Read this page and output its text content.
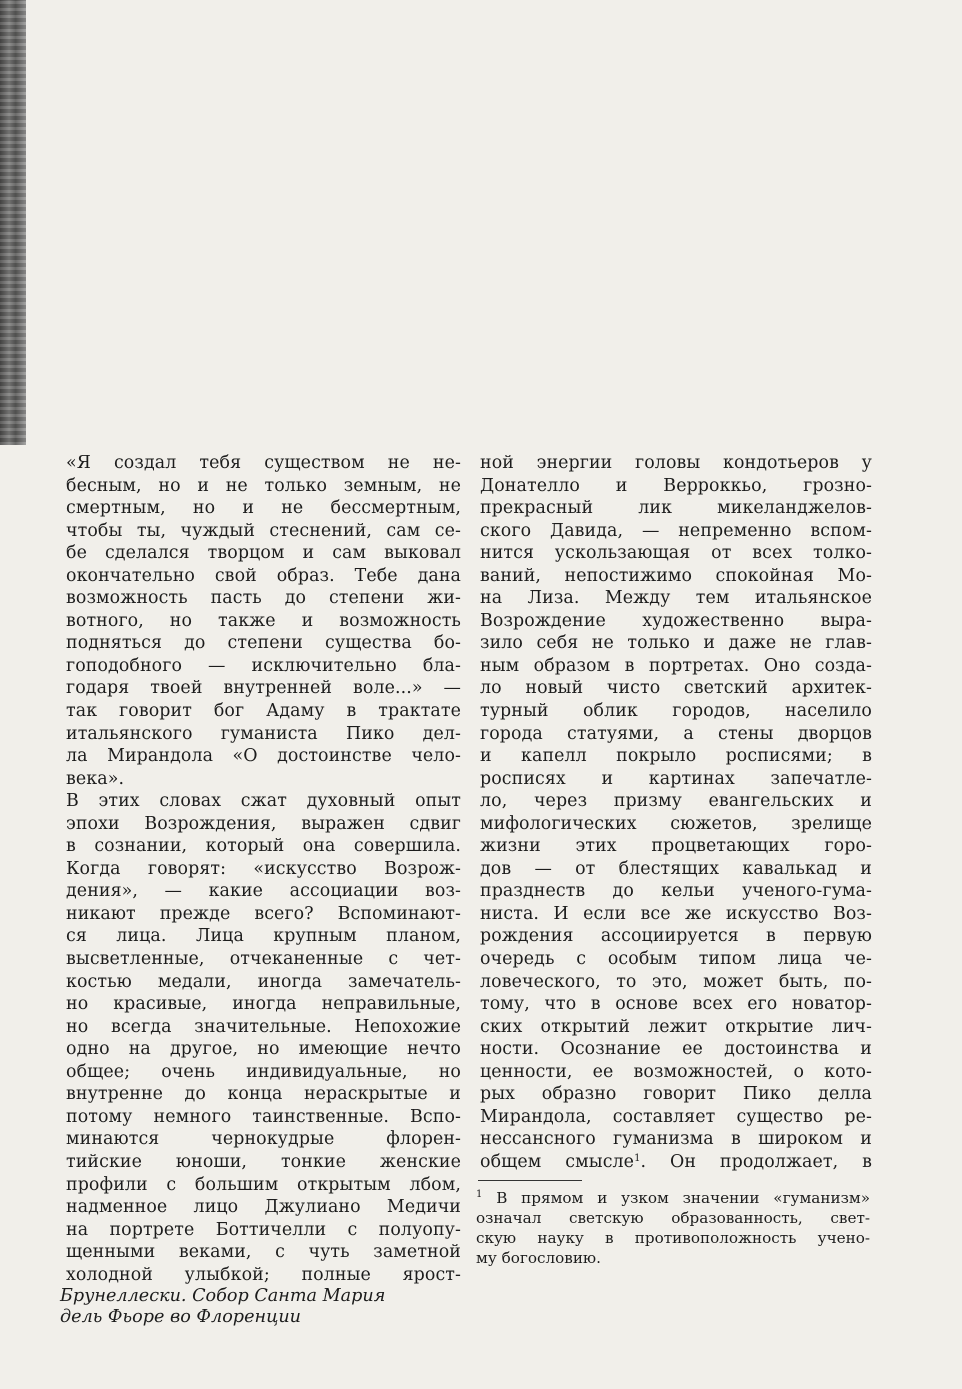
«Я создал тебя существом не не-
бесным, но и не только земным, не
смертным, но и не бессмертным,
чтобы ты, чуждый стеснений, сам се-
бе сделался творцом и сам выковал
окончательно свой образ. Тебе дана
возможность пасть до степени жи-
вотного, но также и возможность
подняться до степени существа бо-
гоподобного — исключительно бла-
годаря твоей внутренней воле...» —
так говорит бог Адаму в трактате
итальянского гуманиста Пико дел-
ла Мирандола «О достоинстве чело-
века».
В этих словах сжат духовный опыт
эпохи Возрождения, выражен сдвиг
в сознании, который она совершила.
Когда говорят: «искусство Возрож-
дения», — какие ассоциации воз-
никают прежде всего? Вспоминают-
ся лица. Лица крупным планом,
высветленные, отчеканенные с чет-
костью медали, иногда замечатель-
но красивые, иногда неправильные,
но всегда значительные. Непохожие
одно на другое, но имеющие нечто
общее; очень индивидуальные, но
внутренне до конца нераскрытые и
потому немного таинственные. Вспо-
минаются чернокудрые флорен-
тийские юноши, тонкие женские
профили с большим открытым лбом,
надменное лицо Джулиано Медичи
на портрете Боттичелли с полуопу-
щенными веками, с чуть заметной
холодной улыбкой; полные ярост-
ной энергии головы кондотьеров у
Донателло и Верроккьо, грозно-
прекрасный лик микеланджелов-
ского Давида, — непременно вспом-
нится ускользающая от всех толко-
ваний, непостижимо спокойная Мо-
на Лиза. Между тем итальянское
Возрождение художественно выра-
зило себя не только и даже не глав-
ным образом в портретах. Оно созда-
ло новый чисто светский архитек-
турный облик городов, населило
города статуями, а стены дворцов
и капелл покрыло росписями; в
росписях и картинах запечатле-
ло, через призму евангельских и
мифологических сюжетов, зрелище
жизни этих процветающих горо-
дов — от блестящих кавалькад и
празднеств до кельи ученого-гума-
ниста. И если все же искусство Воз-
рождения ассоциируется в первую
очередь с особым типом лица че-
ловеческого, то это, может быть, по-
тому, что в основе всех его новатор-
ских открытий лежит открытие лич-
ности. Осознание ее достоинства и
ценности, ее возможностей, о кото-
рых образно говорит Пико делла
Мирандола, составляет существо ре-
нессансного гуманизма в широком и
общем смысле$^1$. Он продолжает, в
$^1$ В прямом и узком значении «гуманизм»
означал светскую образованность, свет-
скую науку в противоположность учено-
му богословию.
Брунеллески. Собор Санта Мария
дель Фьоре во Флоренции
